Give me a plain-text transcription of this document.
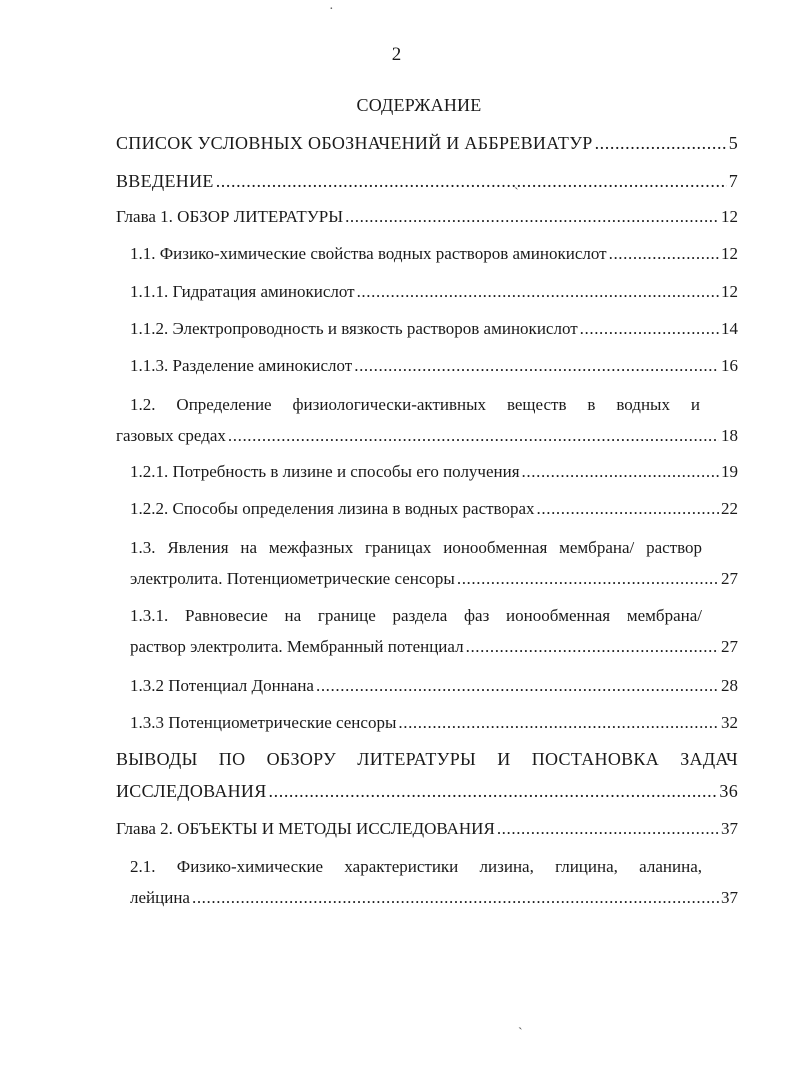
·
`
`
2
СОДЕРЖАНИЕ
СПИСОК УСЛОВНЫХ ОБОЗНАЧЕНИЙ И АББРЕВИАТУР .....	5
ВВЕДЕНИЕ .....	7
Глава 1. ОБЗОР ЛИТЕРАТУРЫ .....	12
1.1. Физико-химические свойства водных растворов аминокислот .....	12
1.1.1. Гидратация аминокислот .....	12
1.1.2. Электропроводность и вязкость растворов аминокислот .....	14
1.1.3. Разделение аминокислот .....	16
1.2. Определение физиологически-активных веществ в водных и
газовых средах .....	18
1.2.1. Потребность в лизине и способы его получения .....	19
1.2.2. Способы определения лизина в водных растворах .....	22
1.3. Явления на межфазных границах ионообменная мембрана/ раствор
электролита. Потенциометрические сенсоры .....	27
1.3.1. Равновесие на границе раздела фаз ионообменная мембрана/
раствор электролита. Мембранный потенциал .....	27
1.3.2 Потенциал Доннана .....	28
1.3.3 Потенциометрические сенсоры .....	32
ВЫВОДЫ ПО ОБЗОРУ ЛИТЕРАТУРЫ И ПОСТАНОВКА ЗАДАЧ
ИССЛЕДОВАНИЯ .....	36
Глава 2. ОБЪЕКТЫ И МЕТОДЫ ИССЛЕДОВАНИЯ .....	37
2.1. Физико-химические характеристики лизина, глицина, аланина,
лейцина .....	37
